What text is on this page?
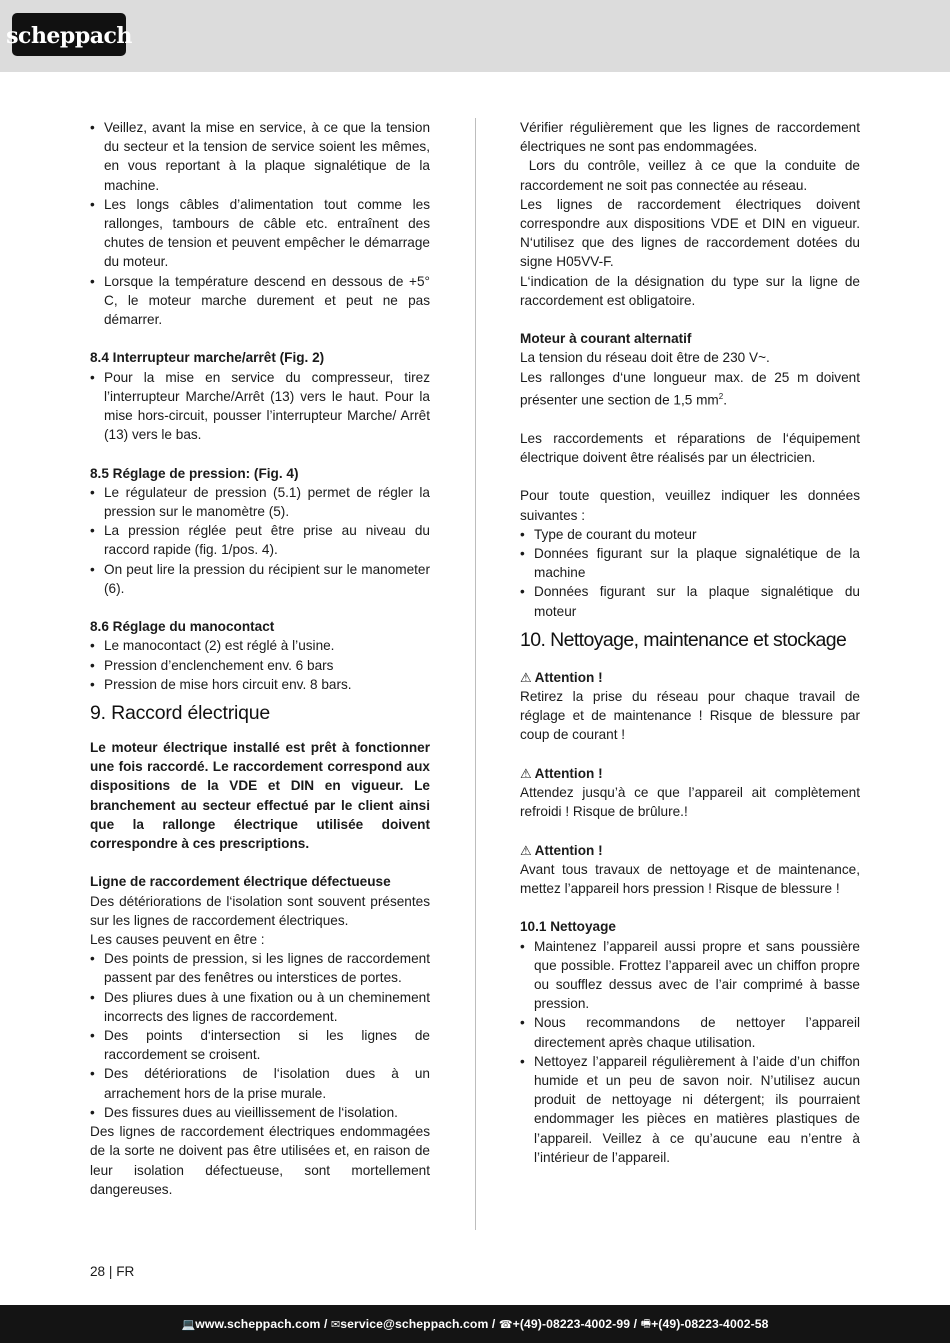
scheppach
• Veillez, avant la mise en service, à ce que la tension du secteur et la tension de service soient les mêmes, en vous reportant à la plaque signalétique de la machine.
• Les longs câbles d’alimentation tout comme les rallonges, tambours de câble etc. entraînent des chutes de tension et peuvent empêcher le démarrage du moteur.
• Lorsque la température descend en dessous de +5° C, le moteur marche durement et peut ne pas démarrer.

8.4 Interrupteur marche/arrêt (Fig. 2)

• Pour la mise en service du compresseur, tirez l’interrupteur Marche/Arrêt (13) vers le haut. Pour la mise hors-circuit, pousser l’interrupteur Marche/ Arrêt (13) vers le bas.

8.5 Réglage de pression: (Fig. 4)

• Le régulateur de pression (5.1) permet de régler la pression sur le manomètre (5).
• La pression réglée peut être prise au niveau du raccord rapide (fig. 1/pos. 4).
• On peut lire la pression du récipient sur le manometer (6).

8.6 Réglage du manocontact

• Le manocontact (2) est réglé à l’usine.
• Pression d’enclenchement env. 6 bars
• Pression de mise hors circuit env. 8 bars.
9. Raccord électrique

Le moteur électrique installé est prêt à fonctionner une fois raccordé. Le raccordement correspond aux dispositions de la VDE et DIN en vigueur. Le branchement au secteur effectué par le client ainsi que la rallonge électrique utilisée doivent correspondre à ces prescriptions.

Ligne de raccordement électrique défectueuse

Des détériorations de l‘isolation sont souvent présentes sur les lignes de raccordement électriques.

Les causes peuvent en être :

• Des points de pression, si les lignes de raccordement passent par des fenêtres ou interstices de portes.
• Des pliures dues à une fixation ou à un cheminement incorrects des lignes de raccordement.
• Des points d‘intersection si les lignes de raccordement se croisent.
• Des détériorations de l‘isolation dues à un arrachement hors de la prise murale.
• Des fissures dues au vieillissement de l‘isolation.

Des lignes de raccordement électriques endommagées de la sorte ne doivent pas être utilisées et, en raison de leur isolation défectueuse, sont mortellement dangereuses.

Vérifier régulièrement que les lignes de raccordement électriques ne sont pas endommagées.

Lors du contrôle, veillez à ce que la conduite de raccordement ne soit pas connectée au réseau.

Les lignes de raccordement électriques doivent correspondre aux dispositions VDE et DIN en vigueur. N‘utilisez que des lignes de raccordement dotées du signe H05VV-F.

L‘indication de la désignation du type sur la ligne de raccordement est obligatoire.

Moteur à courant alternatif

La tension du réseau doit être de 230 V~.

Les rallonges d‘une longueur max. de 25 m doivent présenter une section de 1,5 $mm^2$.

Les raccordements et réparations de l‘équipement électrique doivent être réalisés par un électricien.

Pour toute question, veuillez indiquer les données suivantes :

• Type de courant du moteur
• Données figurant sur la plaque signalétique de la machine
• Données figurant sur la plaque signalétique du moteur
10. Nettoyage, maintenance et stockage

⚠ Attention !

Retirez la prise du réseau pour chaque travail de réglage et de maintenance ! Risque de blessure par coup de courant !

⚠ Attention !

Attendez jusqu’à ce que l’appareil ait complètement refroidi ! Risque de brûlure.!

⚠ Attention !

Avant tous travaux de nettoyage et de maintenance, mettez l’appareil hors pression ! Risque de blessure !

10.1 Nettoyage

• Maintenez l’appareil aussi propre et sans poussière que possible. Frottez l’appareil avec un chiffon propre ou soufflez dessus avec de l’air comprimé à basse pression.
• Nous recommandons de nettoyer l’appareil directement après chaque utilisation.
• Nettoyez l’appareil régulièrement à l’aide d’un chiffon humide et un peu de savon noir. N’utilisez aucun produit de nettoyage ni détergent; ils pourraient endommager les pièces en matières plastiques de l’appareil. Veillez à ce qu’aucune eau n’entre à l’intérieur de l’appareil.
28 | FR
💻 www.scheppach.com / ✉ service@scheppach.com / ☎ +(49)-08223-4002-99 / 🖷 +(49)-08223-4002-58
